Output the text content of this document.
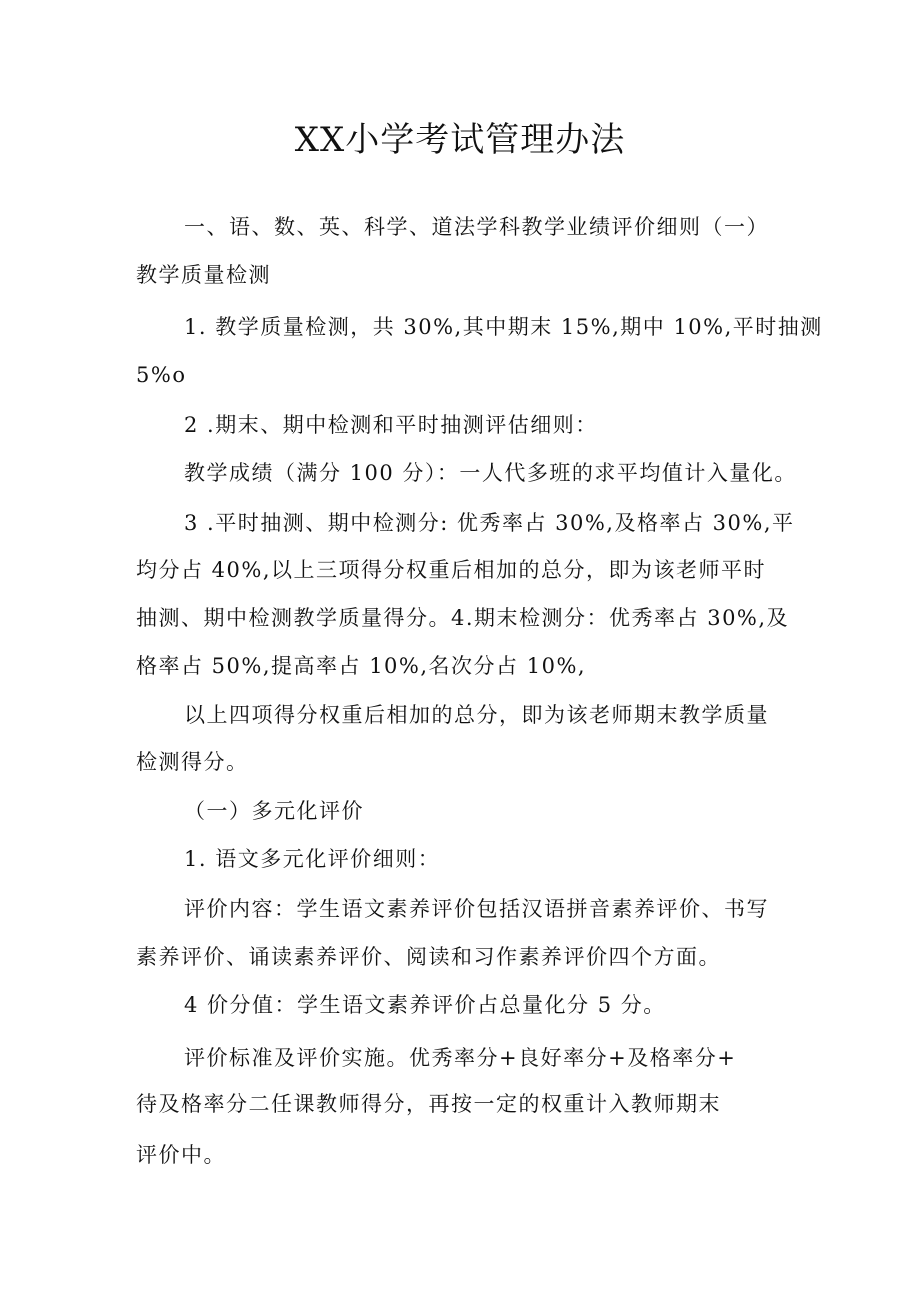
XX小学考试管理办法
一、语、数、英、科学、道法学科教学业绩评价细则（一）
教学质量检测
1. 教学质量检测，共 30%,其中期末 15%,期中 10%,平时抽测
5%o
2 .期末、期中检测和平时抽测评估细则：
教学成绩（满分 100 分）：一人代多班的求平均值计入量化。
3 .平时抽测、期中检测分: 优秀率占 30%,及格率占 30%,平
均分占 40%,以上三项得分权重后相加的总分，即为该老师平时
抽测、期中检测教学质量得分。4.期末检测分：优秀率占 30%,及
格率占 50%,提高率占 10%,名次分占 10%,
以上四项得分权重后相加的总分，即为该老师期末教学质量
检测得分。
（一）多元化评价
1. 语文多元化评价细则：
评价内容：学生语文素养评价包括汉语拼音素养评价、书写
素养评价、诵读素养评价、阅读和习作素养评价四个方面。
4 价分值：学生语文素养评价占总量化分 5 分。
评价标准及评价实施。优秀率分+良好率分+及格率分+
待及格率分二任课教师得分，再按一定的权重计入教师期末
评价中。
